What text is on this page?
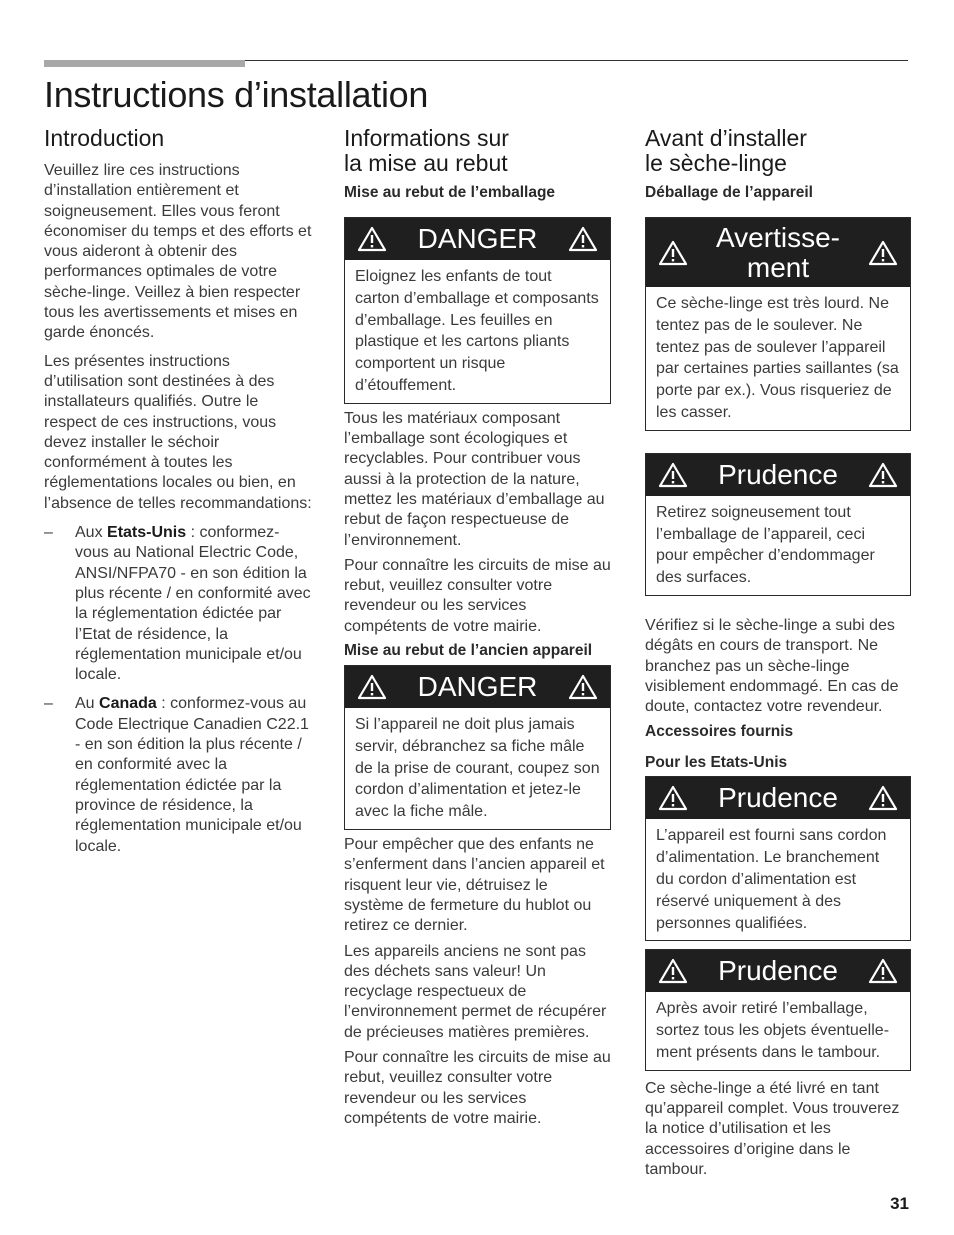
Instructions d’installation
Introduction

Veuillez lire ces instructions d’installation entièrement et soigneusement. Elles vous feront économiser du temps et des efforts et vous aideront à obtenir des performances optimales de votre sèche-linge. Veillez à bien respecter tous les avertissements et mises en garde énoncés.

Les présentes instructions d’utilisation sont destinées à des installateurs qualifiés. Outre le respect de ces instructions, vous devez installer le séchoir conformément à toutes les réglementations locales ou bien, en l’absence de telles recommandations:

–	Aux Etats-Unis : conformez-vous au National Electric Code, ANSI/NFPA70 - en son édition la plus récente / en conformité avec la réglementation édictée par l’Etat de résidence, la réglementation municipale et/ou locale.
–	Au Canada : conformez-vous au Code Electrique Canadien C22.1 - en son édition la plus récente / en conformité avec la réglementation édictée par la province de résidence, la réglementation municipale et/ou locale.
Informations sur
la mise au rebut
Mise au rebut de l’emballage
DANGER
Eloignez les enfants de tout carton d’emballage et composants d’emballage. Les feuilles en plastique et les cartons pliants comportent un risque d’étouffement.

Tous les matériaux composant l’emballage sont écologiques et recyclables. Pour contribuer vous aussi à la protection de la nature, mettez les matériaux d’emballage au rebut de façon respectueuse de l’environnement.

Pour connaître les circuits de mise au rebut, veuillez consulter votre revendeur ou les services compétents de votre mairie.

Mise au rebut de l’ancien appareil
DANGER
Si l’appareil ne doit plus jamais servir, débranchez sa fiche mâle de la prise de courant, coupez son cordon d’alimentation et jetez-le avec la fiche mâle.

Pour empêcher que des enfants ne s’enferment dans l’ancien appareil et risquent leur vie, détruisez le système de fermeture du hublot ou retirez ce dernier.

Les appareils anciens ne sont pas des déchets sans valeur! Un recyclage respectueux de l’environnement permet de récupérer de précieuses matières premières.

Pour connaître les circuits de mise au rebut, veuillez consulter votre revendeur ou les services compétents de votre mairie.

Avant d’installer
le sèche-linge
Déballage de l’appareil
Avertisse-
ment
Ce sèche-linge est très lourd. Ne tentez pas de le soulever. Ne tentez pas de soulever l’appareil par certaines parties saillantes (sa porte par ex.). Vous risqueriez de les casser.
Prudence
Retirez soigneusement tout l’emballage de l’appareil, ceci pour empêcher d’endommager des surfaces.

Vérifiez si le sèche-linge a subi des dégâts en cours de transport. Ne branchez pas un sèche-linge visiblement endommagé. En cas de doute, contactez votre revendeur.

Accessoires fournis
Pour les Etats-Unis
Prudence
L’appareil est fourni sans cordon d’alimentation. Le branchement du cordon d’alimentation est réservé uniquement à des personnes qualifiées.
Prudence
Après avoir retiré l’emballage, sortez tous les objets éventuelle-ment présents dans le tambour.

Ce sèche-linge a été livré en tant qu’appareil complet. Vous trouverez la notice d’utilisation et les accessoires d’origine dans le tambour.

31
